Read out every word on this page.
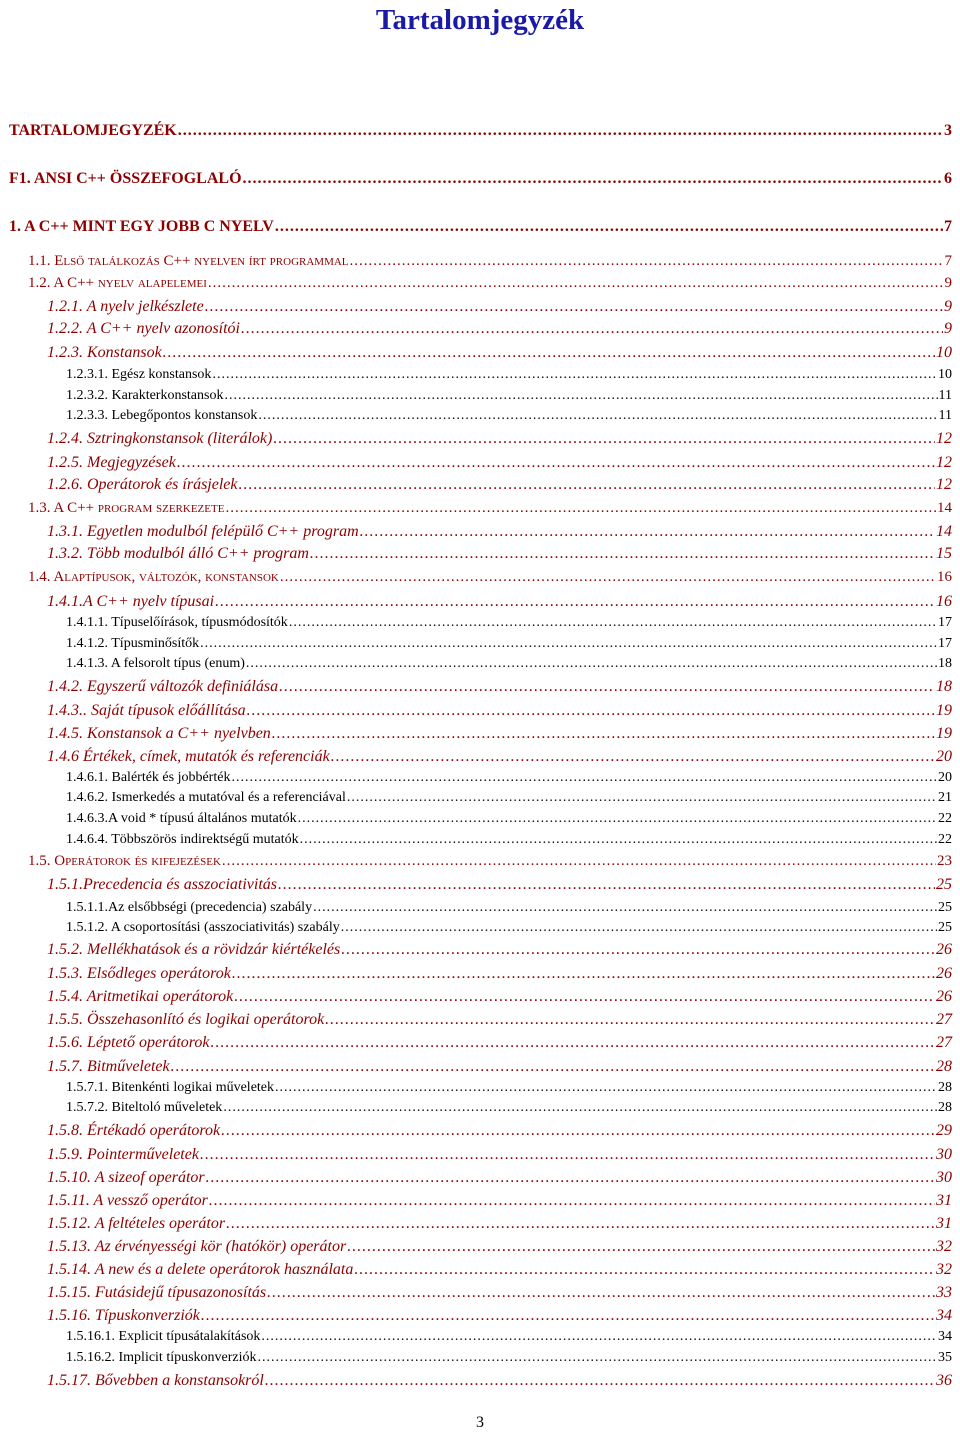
Tartalomjegyzék
TARTALOMJEGYZÉK .....	3
F1. ANSI C++ ÖSSZEFOGLALÓ .....	6
1. A C++ MINT EGY JOBB C NYELV .....	7
1.1. Első találkozás C++ nyelven írt programmal .....	7
1.2. A C++ nyelv alapelemei .....	9
1.2.1. A nyelv jelkészlete .....	9
1.2.2. A C++ nyelv azonosítói .....	9
1.2.3. Konstansok .....	10
1.2.3.1. Egész konstansok .....	10
1.2.3.2. Karakterkonstansok .....	11
1.2.3.3. Lebegőpontos konstansok .....	11
1.2.4. Sztringkonstansok (literálok) .....	12
1.2.5. Megjegyzések .....	12
1.2.6. Operátorok és írásjelek .....	12
1.3. A C++ program szerkezete .....	14
1.3.1. Egyetlen modulból felépülő C++ program .....	14
1.3.2. Több modulból álló C++ program .....	15
1.4. Alaptípusok, változók, konstansok .....	16
1.4.1.A C++ nyelv típusai .....	16
1.4.1.1. Típuselőírások, típusmódosítók .....	17
1.4.1.2. Típusminősítők .....	17
1.4.1.3. A felsorolt típus (enum) .....	18
1.4.2. Egyszerű változók definiálása .....	18
1.4.3.. Saját típusok előállítása .....	19
1.4.5. Konstansok a C++ nyelvben .....	19
1.4.6 Értékek, címek, mutatók és referenciák .....	20
1.4.6.1. Balérték és jobbérték .....	20
1.4.6.2. Ismerkedés a mutatóval és a referenciával .....	21
1.4.6.3.A void * típusú általános mutatók .....	22
1.4.6.4. Többszörös indirektségű mutatók .....	22
1.5. Operátorok és kifejezések .....	23
1.5.1.Precedencia és asszociativitás .....	25
1.5.1.1.Az elsőbbségi (precedencia) szabály .....	25
1.5.1.2. A csoportosítási (asszociativitás) szabály .....	25
1.5.2. Mellékhatások és a rövidzár kiértékelés .....	26
1.5.3. Elsődleges operátorok .....	26
1.5.4. Aritmetikai operátorok .....	26
1.5.5. Összehasonlító és logikai operátorok .....	27
1.5.6. Léptető operátorok .....	27
1.5.7. Bitműveletek .....	28
1.5.7.1. Bitenkénti logikai műveletek .....	28
1.5.7.2. Biteltoló műveletek .....	28
1.5.8. Értékadó operátorok .....	29
1.5.9. Pointerműveletek .....	30
1.5.10. A sizeof operátor .....	30
1.5.11. A vessző operátor .....	31
1.5.12. A feltételes operátor .....	31
1.5.13. Az érvényességi kör (hatókör) operátor .....	32
1.5.14. A new és a delete operátorok használata .....	32
1.5.15. Futásidejű típusazonosítás .....	33
1.5.16. Típuskonverziók .....	34
1.5.16.1. Explicit típusátalakítások .....	34
1.5.16.2. Implicit típuskonverziók .....	35
1.5.17. Bővebben a konstansokról .....	36
3
